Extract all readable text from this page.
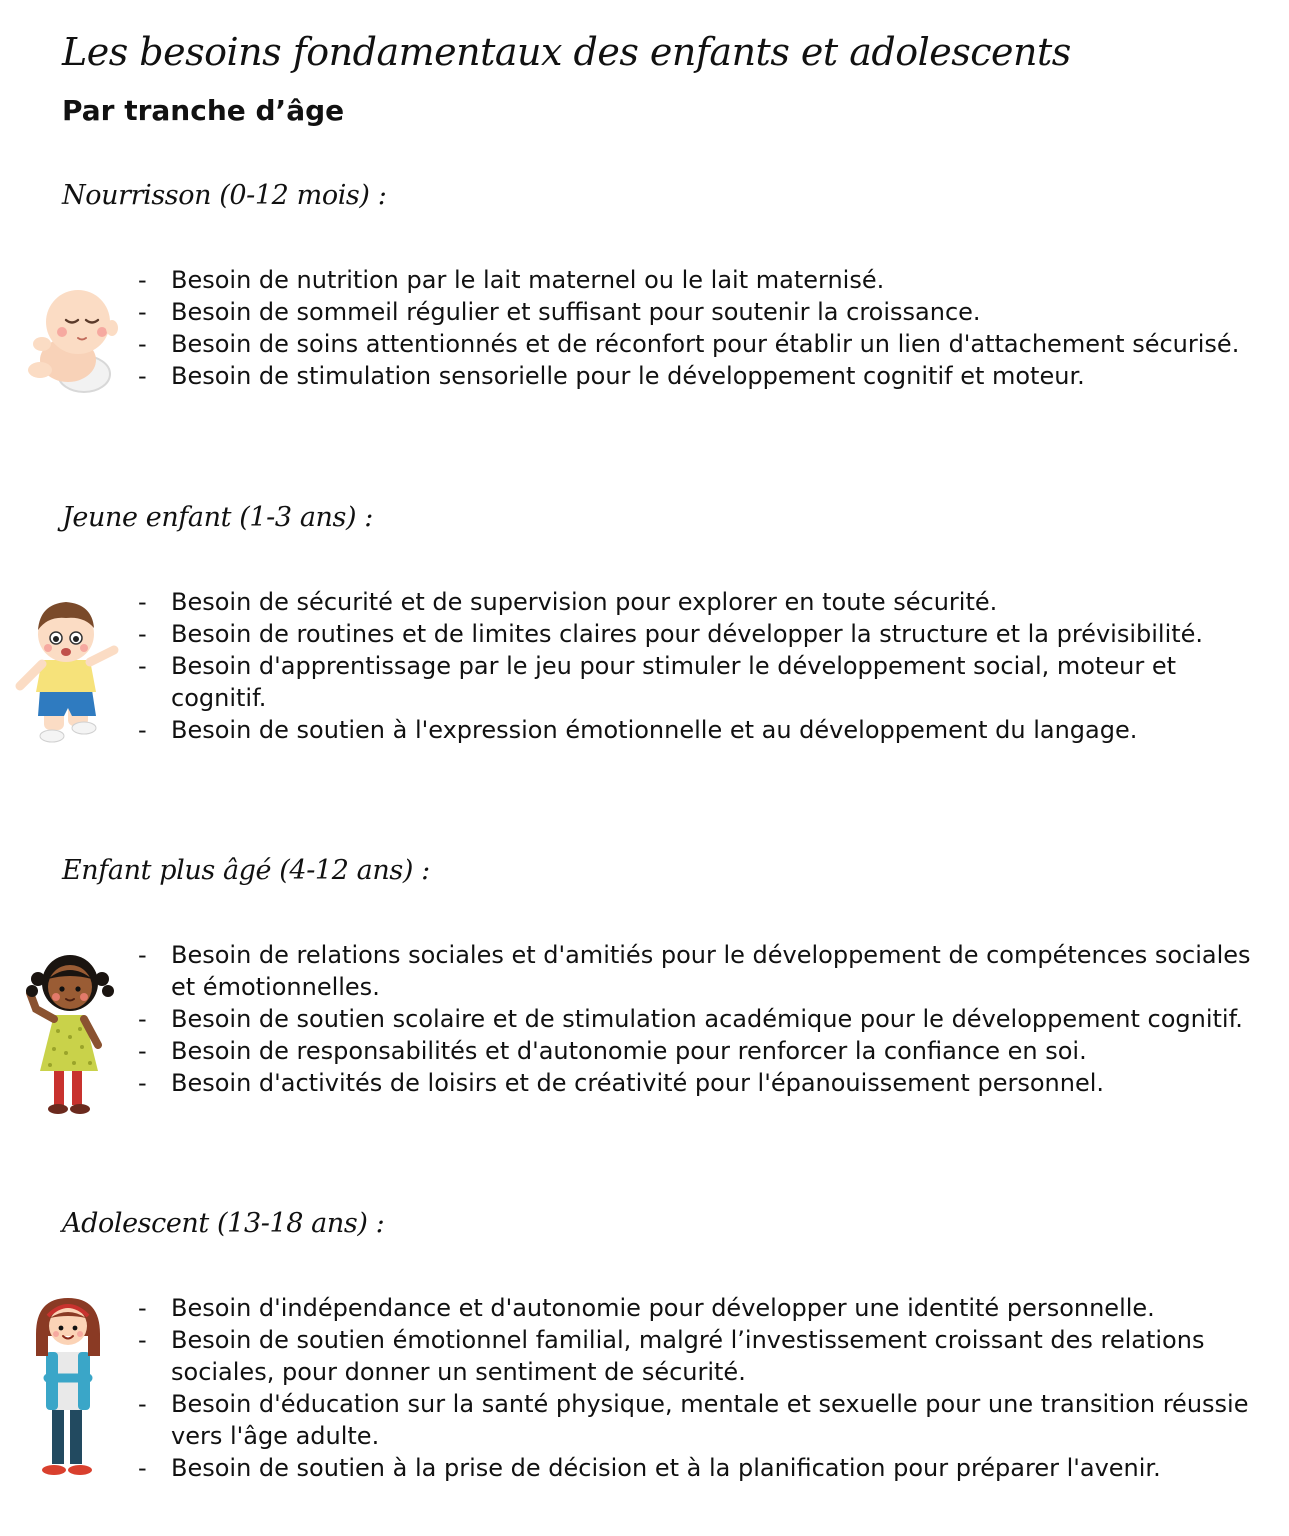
Les besoins fondamentaux des enfants et adolescents
Par tranche d’âge
Nourrisson (0-12 mois) :
- Besoin de nutrition par le lait maternel ou le lait maternisé.
- Besoin de sommeil régulier et suffisant pour soutenir la croissance.
- Besoin de soins attentionnés et de réconfort pour établir un lien d'attachement sécurisé.
- Besoin de stimulation sensorielle pour le développement cognitif et moteur.
Jeune enfant (1-3 ans) :
- Besoin de sécurité et de supervision pour explorer en toute sécurité.
- Besoin de routines et de limites claires pour développer la structure et la prévisibilité.
- Besoin d'apprentissage par le jeu pour stimuler le développement social, moteur et cognitif.
- Besoin de soutien à l'expression émotionnelle et au développement du langage.
Enfant plus âgé (4-12 ans) :
- Besoin de relations sociales et d'amitiés pour le développement de compétences sociales et émotionnelles.
- Besoin de soutien scolaire et de stimulation académique pour le développement cognitif.
- Besoin de responsabilités et d'autonomie pour renforcer la confiance en soi.
- Besoin d'activités de loisirs et de créativité pour l'épanouissement personnel.
Adolescent (13-18 ans) :
- Besoin d'indépendance et d'autonomie pour développer une identité personnelle.
- Besoin de soutien émotionnel familial, malgré l’investissement croissant des relations sociales, pour donner un sentiment de sécurité.
- Besoin d'éducation sur la santé physique, mentale et sexuelle pour une transition réussie vers l'âge adulte.
- Besoin de soutien à la prise de décision et à la planification pour préparer l'avenir.
